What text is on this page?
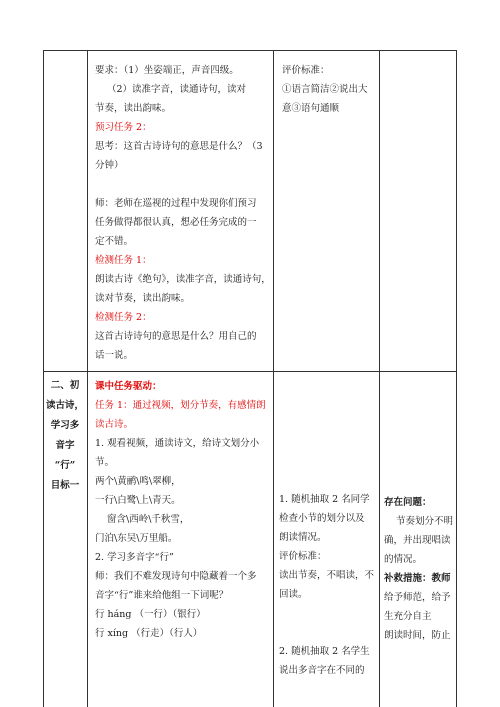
要求：（1）坐姿端正，声音四级。
（2）读准字音，读通诗句，读对
节奏，读出韵味。
预习任务 2：
思考：这首古诗诗句的意思是什么？（3
分钟）

师：老师在巡视的过程中发现你们预习
任务做得都很认真，想必任务完成的一
定不错。
检测任务 1：
朗读古诗《绝句》，读准字音，读通诗句，
读对节奏，读出韵味。
检测任务 2：
这首古诗诗句的意思是什么？用自己的
话一说。
评价标准：
①语言简洁②说出大
意③语句通顺
二、初
读古诗，
学习多
音字
“行”
目标一
课中任务驱动：
任务 1：通过视频，划分节奏，有感情朗
读古诗。
1. 观看视频，通读诗文，给诗文划分小
节。
两个\黄鹂\鸣\翠柳，
一行\白鹭\上\青天。
窗含\西岭\千秋雪，
门泊\东吴\万里船。
2. 学习多音字“行”
师：我们不难发现诗句中隐藏着一个多
音字“行”谁来给他组一下词呢？
行 háng （一行）（银行）
行 xíng （行走）（行人）
1. 随机抽取 2 名同学
检查小节的划分以及
朗读情况。
评价标准：
读出节奏，不唱读，不
回读。

2. 随机抽取 2 名学生
说出多音字在不同的
存在问题：
节奏划分不明
确，并出现唱读
的情况。
补救措施：教师
给予师范，给予
生充分自主
朗读时间，防止
